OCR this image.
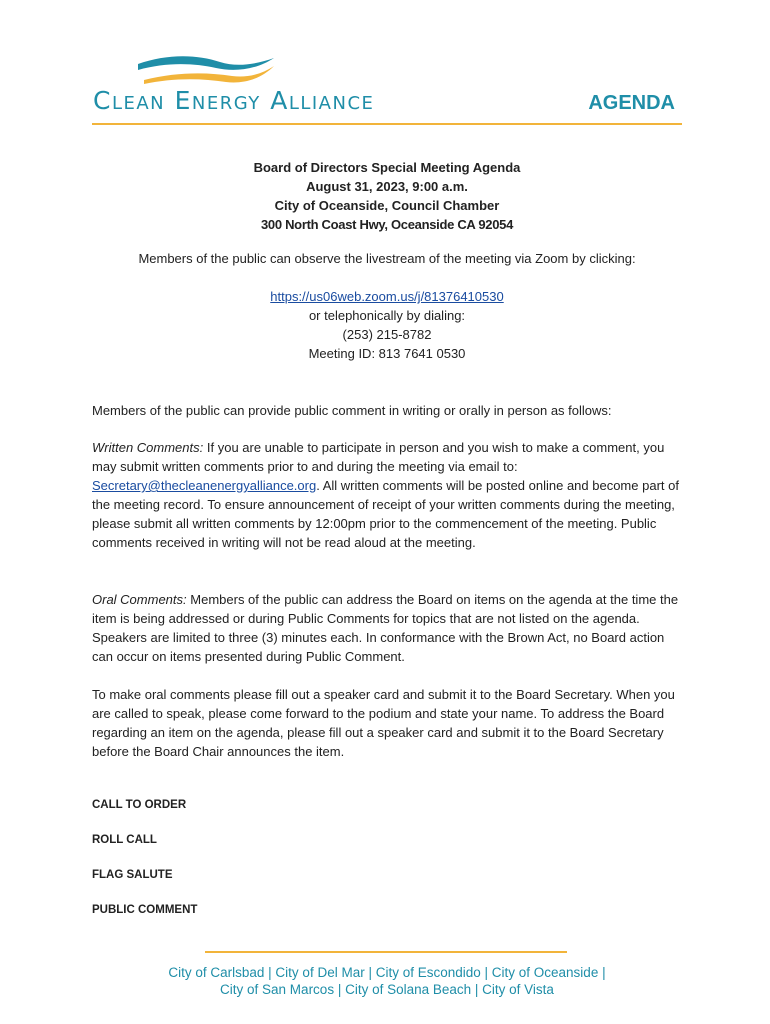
Clean Energy Alliance	AGENDA
Board of Directors Special Meeting Agenda
August 31, 2023, 9:00 a.m.
City of Oceanside, Council Chamber
300 North Coast Hwy, Oceanside CA 92054
Members of the public can observe the livestream of the meeting via Zoom by clicking:
https://us06web.zoom.us/j/81376410530
or telephonically by dialing:
(253) 215-8782
Meeting ID: 813 7641 0530
Members of the public can provide public comment in writing or orally in person as follows:
Written Comments: If you are unable to participate in person and you wish to make a comment, you may submit written comments prior to and during the meeting via email to: Secretary@thecleanenergyalliance.org. All written comments will be posted online and become part of the meeting record. To ensure announcement of receipt of your written comments during the meeting, please submit all written comments by 12:00pm prior to the commencement of the meeting. Public comments received in writing will not be read aloud at the meeting.
Oral Comments: Members of the public can address the Board on items on the agenda at the time the item is being addressed or during Public Comments for topics that are not listed on the agenda. Speakers are limited to three (3) minutes each. In conformance with the Brown Act, no Board action can occur on items presented during Public Comment.
To make oral comments please fill out a speaker card and submit it to the Board Secretary. When you are called to speak, please come forward to the podium and state your name. To address the Board regarding an item on the agenda, please fill out a speaker card and submit it to the Board Secretary before the Board Chair announces the item.
CALL TO ORDER
ROLL CALL
FLAG SALUTE
PUBLIC COMMENT
City of Carlsbad | City of Del Mar | City of Escondido | City of Oceanside |
City of San Marcos | City of Solana Beach | City of Vista
